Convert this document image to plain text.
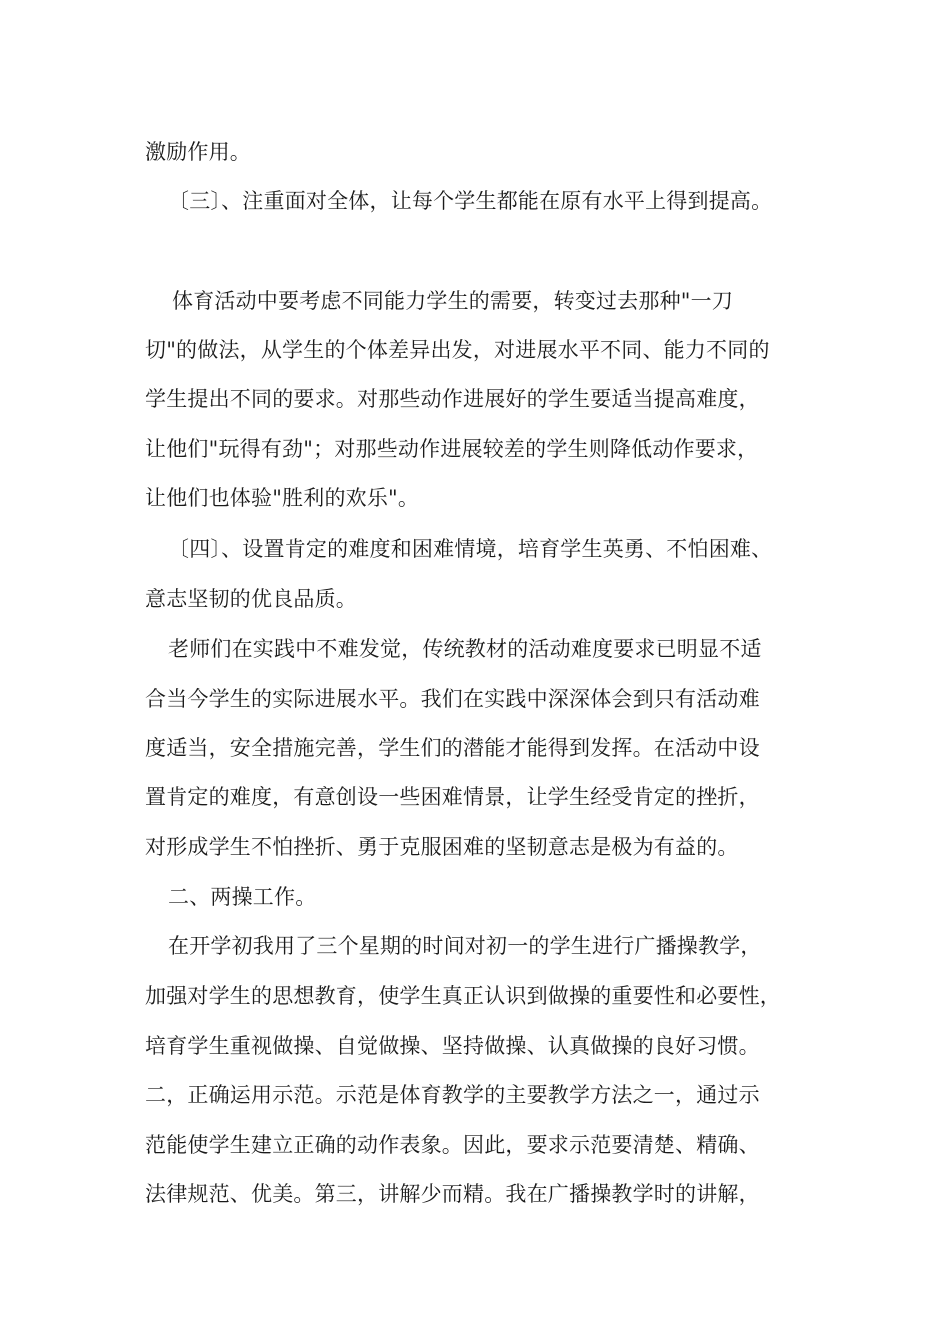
激励作用。
〔三〕、注重面对全体，让每个学生都能在原有水平上得到提高。
体育活动中要考虑不同能力学生的需要，转变过去那种"一刀
切"的做法，从学生的个体差异出发，对进展水平不同、能力不同的
学生提出不同的要求。对那些动作进展好的学生要适当提高难度，
让他们"玩得有劲"；对那些动作进展较差的学生则降低动作要求，
让他们也体验"胜利的欢乐"。
〔四〕、设置肯定的难度和困难情境，培育学生英勇、不怕困难、
意志坚韧的优良品质。
老师们在实践中不难发觉，传统教材的活动难度要求已明显不适
合当今学生的实际进展水平。我们在实践中深深体会到只有活动难
度适当，安全措施完善，学生们的潜能才能得到发挥。在活动中设
置肯定的难度，有意创设一些困难情景，让学生经受肯定的挫折，
对形成学生不怕挫折、勇于克服困难的坚韧意志是极为有益的。
二、两操工作。
在开学初我用了三个星期的时间对初一的学生进行广播操教学，
加强对学生的思想教育，使学生真正认识到做操的重要性和必要性，
培育学生重视做操、自觉做操、坚持做操、认真做操的良好习惯。
二，正确运用示范。示范是体育教学的主要教学方法之一，通过示
范能使学生建立正确的动作表象。因此，要求示范要清楚、精确、
法律规范、优美。第三，讲解少而精。我在广播操教学时的讲解，
